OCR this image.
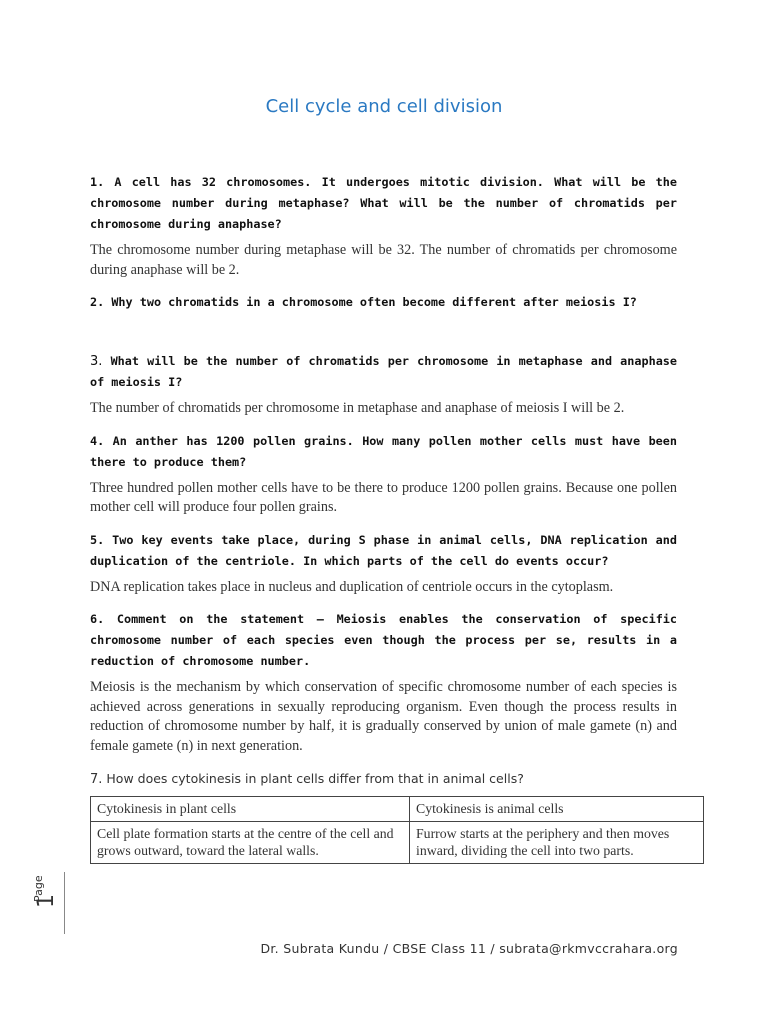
Cell cycle and cell division

1. A cell has 32 chromosomes. It undergoes mitotic division. What will be the chromosome number during metaphase? What will be the number of chromatids per chromosome during anaphase?

The chromosome number during metaphase will be 32. The number of chromatids per chromosome during anaphase will be 2.

2. Why two chromatids in a chromosome often become different after meiosis I?

3. What will be the number of chromatids per chromosome in metaphase and anaphase of meiosis I?

The number of chromatids per chromosome in metaphase and anaphase of meiosis I will be 2.

4. An anther has 1200 pollen grains. How many pollen mother cells must have been there to produce them?

Three hundred pollen mother cells have to be there to produce 1200 pollen grains. Because one pollen mother cell will produce four pollen grains.

5. Two key events take place, during S phase in animal cells, DNA replication and duplication of the centriole. In which parts of the cell do events occur?

DNA replication takes place in nucleus and duplication of centriole occurs in the cytoplasm.

6. Comment on the statement – Meiosis enables the conservation of specific chromosome number of each species even though the process per se, results in a reduction of chromosome number.

Meiosis is the mechanism by which conservation of specific chromosome number of each species is achieved across generations in sexually reproducing organism. Even though the process results in reduction of chromosome number by half, it is gradually conserved by union of male gamete (n) and female gamete (n) in next generation.

7. How does cytokinesis in plant cells differ from that in animal cells?

Cytokinesis in plant cells	Cytokinesis is animal cells
Cell plate formation starts at the centre of the cell and grows outward, toward the lateral walls.	Furrow starts at the periphery and then moves inward, dividing the cell into two parts.
Page
1
Dr. Subrata Kundu / CBSE Class 11 / subrata@rkmvccrahara.org
